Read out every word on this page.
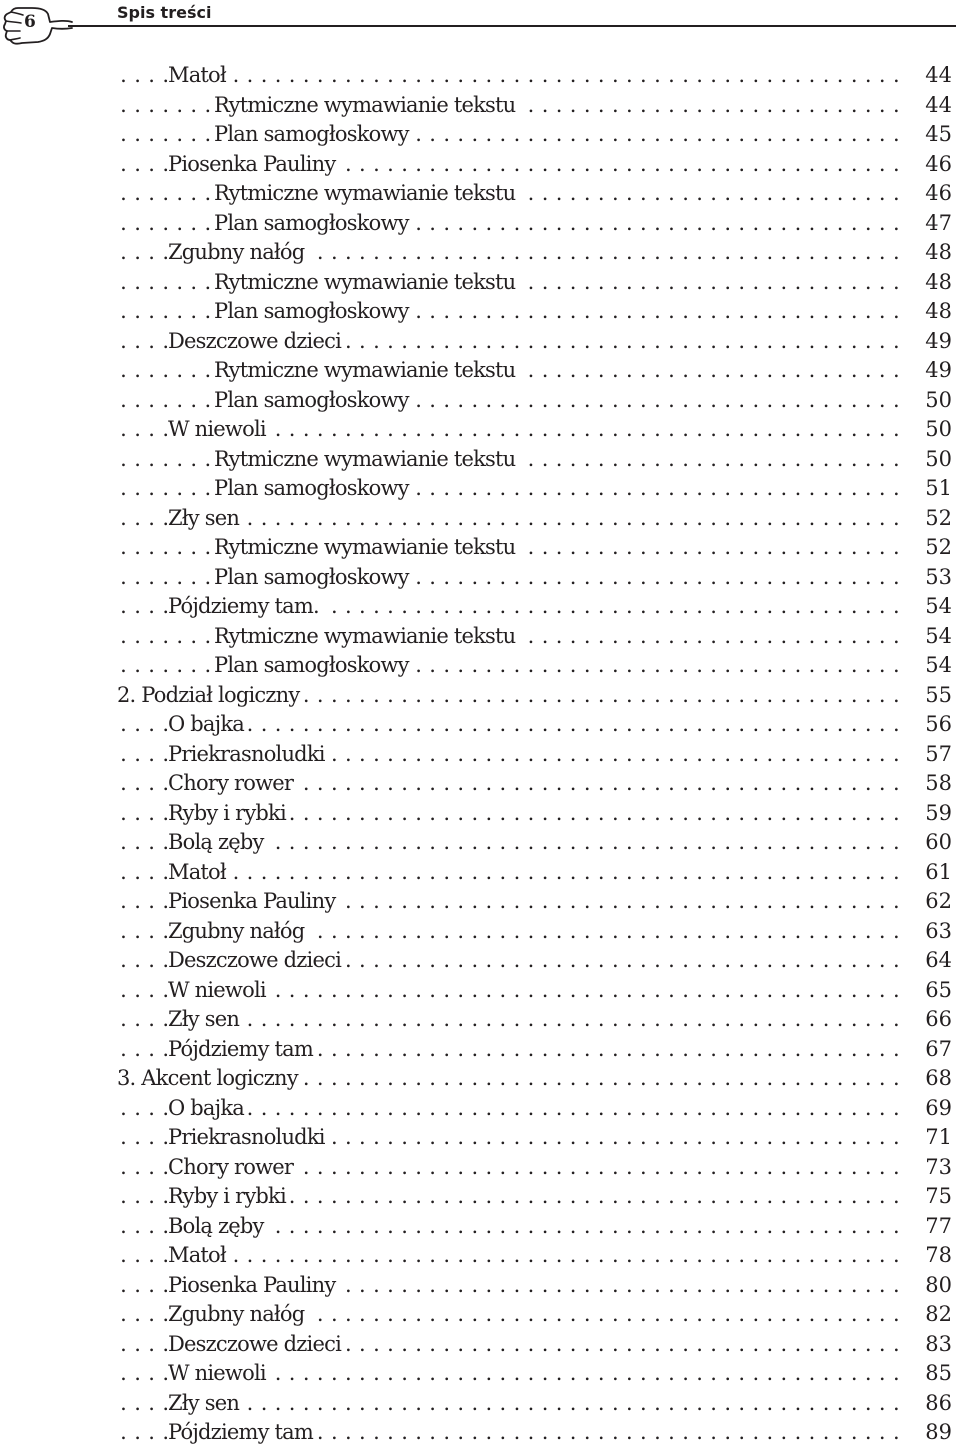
6	Spis treści
Matoł . . .	44
Rytmiczne wymawianie tekstu . . .	44
Plan samogłoskowy . . .	45
Piosenka Pauliny . . .	46
Rytmiczne wymawianie tekstu . . .	46
Plan samogłoskowy . . .	47
Zgubny nałóg . . .	48
Rytmiczne wymawianie tekstu . . .	48
Plan samogłoskowy . . .	48
Deszczowe dzieci . . .	49
Rytmiczne wymawianie tekstu . . .	49
Plan samogłoskowy . . .	50
W niewoli . . .	50
Rytmiczne wymawianie tekstu . . .	50
Plan samogłoskowy . . .	51
Zły sen . . .	52
Rytmiczne wymawianie tekstu . . .	52
Plan samogłoskowy . . .	53
Pójdziemy tam. . . .	54
Rytmiczne wymawianie tekstu . . .	54
Plan samogłoskowy . . .	54
2. Podział logiczny . . .	55
O bajka . . .	56
Priekrasnoludki . . .	57
Chory rower . . .	58
Ryby i rybki . . .	59
Bolą zęby . . .	60
Matoł . . .	61
Piosenka Pauliny . . .	62
Zgubny nałóg . . .	63
Deszczowe dzieci . . .	64
W niewoli . . .	65
Zły sen . . .	66
Pójdziemy tam . . .	67
3. Akcent logiczny . . .	68
O bajka . . .	69
Priekrasnoludki . . .	71
Chory rower . . .	73
Ryby i rybki . . .	75
Bolą zęby . . .	77
Matoł . . .	78
Piosenka Pauliny . . .	80
Zgubny nałóg . . .	82
Deszczowe dzieci . . .	83
W niewoli . . .	85
Zły sen . . .	86
Pójdziemy tam . . .	89
